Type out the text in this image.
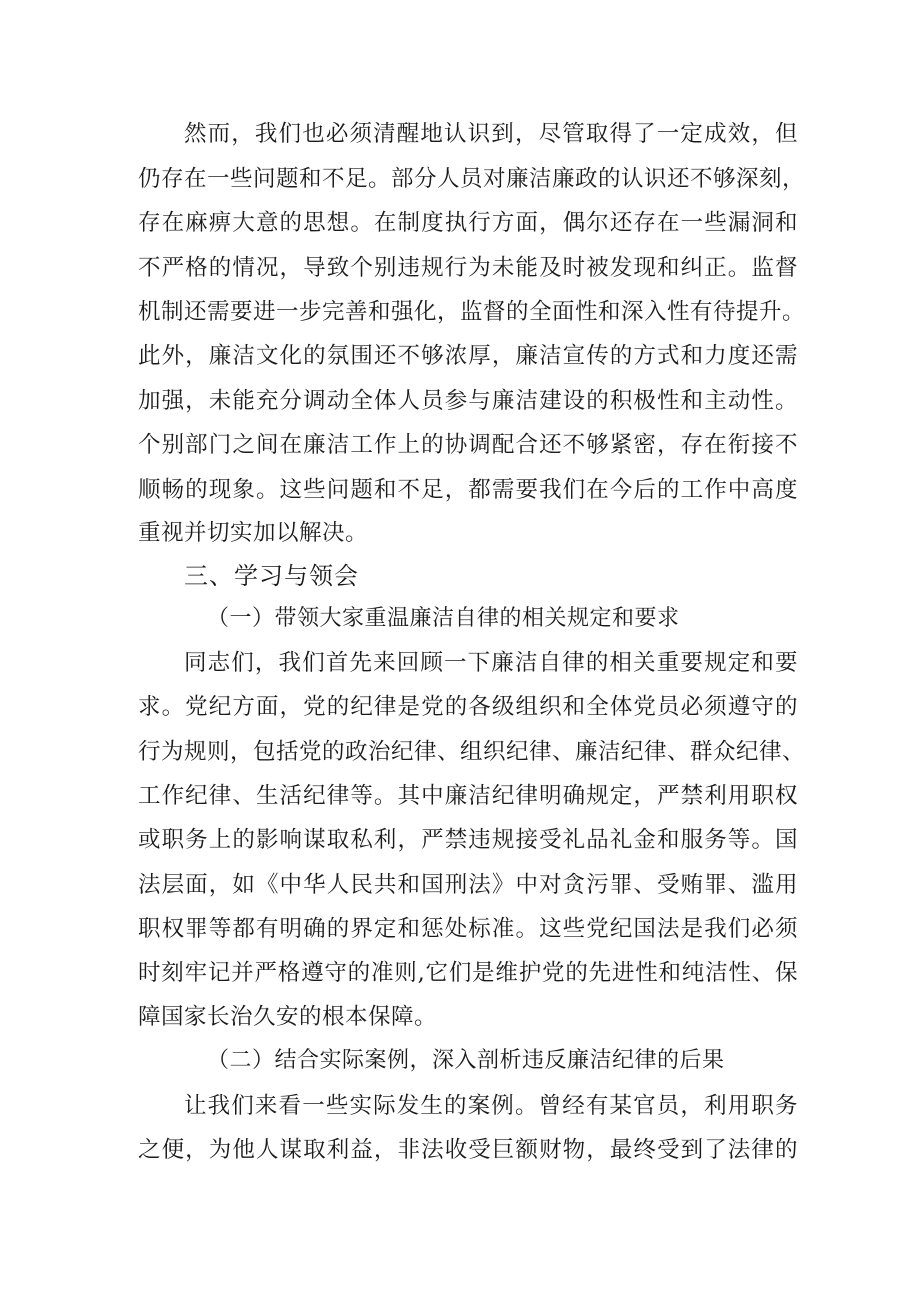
然而，我们也必须清醒地认识到，尽管取得了一定成效，但
仍存在一些问题和不足。部分人员对廉洁廉政的认识还不够深刻，
存在麻痹大意的思想。在制度执行方面，偶尔还存在一些漏洞和
不严格的情况，导致个别违规行为未能及时被发现和纠正。监督
机制还需要进一步完善和强化，监督的全面性和深入性有待提升。
此外，廉洁文化的氛围还不够浓厚，廉洁宣传的方式和力度还需
加强，未能充分调动全体人员参与廉洁建设的积极性和主动性。
个别部门之间在廉洁工作上的协调配合还不够紧密，存在衔接不
顺畅的现象。这些问题和不足，都需要我们在今后的工作中高度
重视并切实加以解决。
三、学习与领会
（一）带领大家重温廉洁自律的相关规定和要求
同志们，我们首先来回顾一下廉洁自律的相关重要规定和要
求。党纪方面，党的纪律是党的各级组织和全体党员必须遵守的
行为规则，包括党的政治纪律、组织纪律、廉洁纪律、群众纪律、
工作纪律、生活纪律等。其中廉洁纪律明确规定，严禁利用职权
或职务上的影响谋取私利，严禁违规接受礼品礼金和服务等。国
法层面，如《中华人民共和国刑法》中对贪污罪、受贿罪、滥用
职权罪等都有明确的界定和惩处标准。这些党纪国法是我们必须
时刻牢记并严格遵守的准则,它们是维护党的先进性和纯洁性、保
障国家长治久安的根本保障。
（二）结合实际案例，深入剖析违反廉洁纪律的后果
让我们来看一些实际发生的案例。曾经有某官员，利用职务
之便，为他人谋取利益，非法收受巨额财物，最终受到了法律的
